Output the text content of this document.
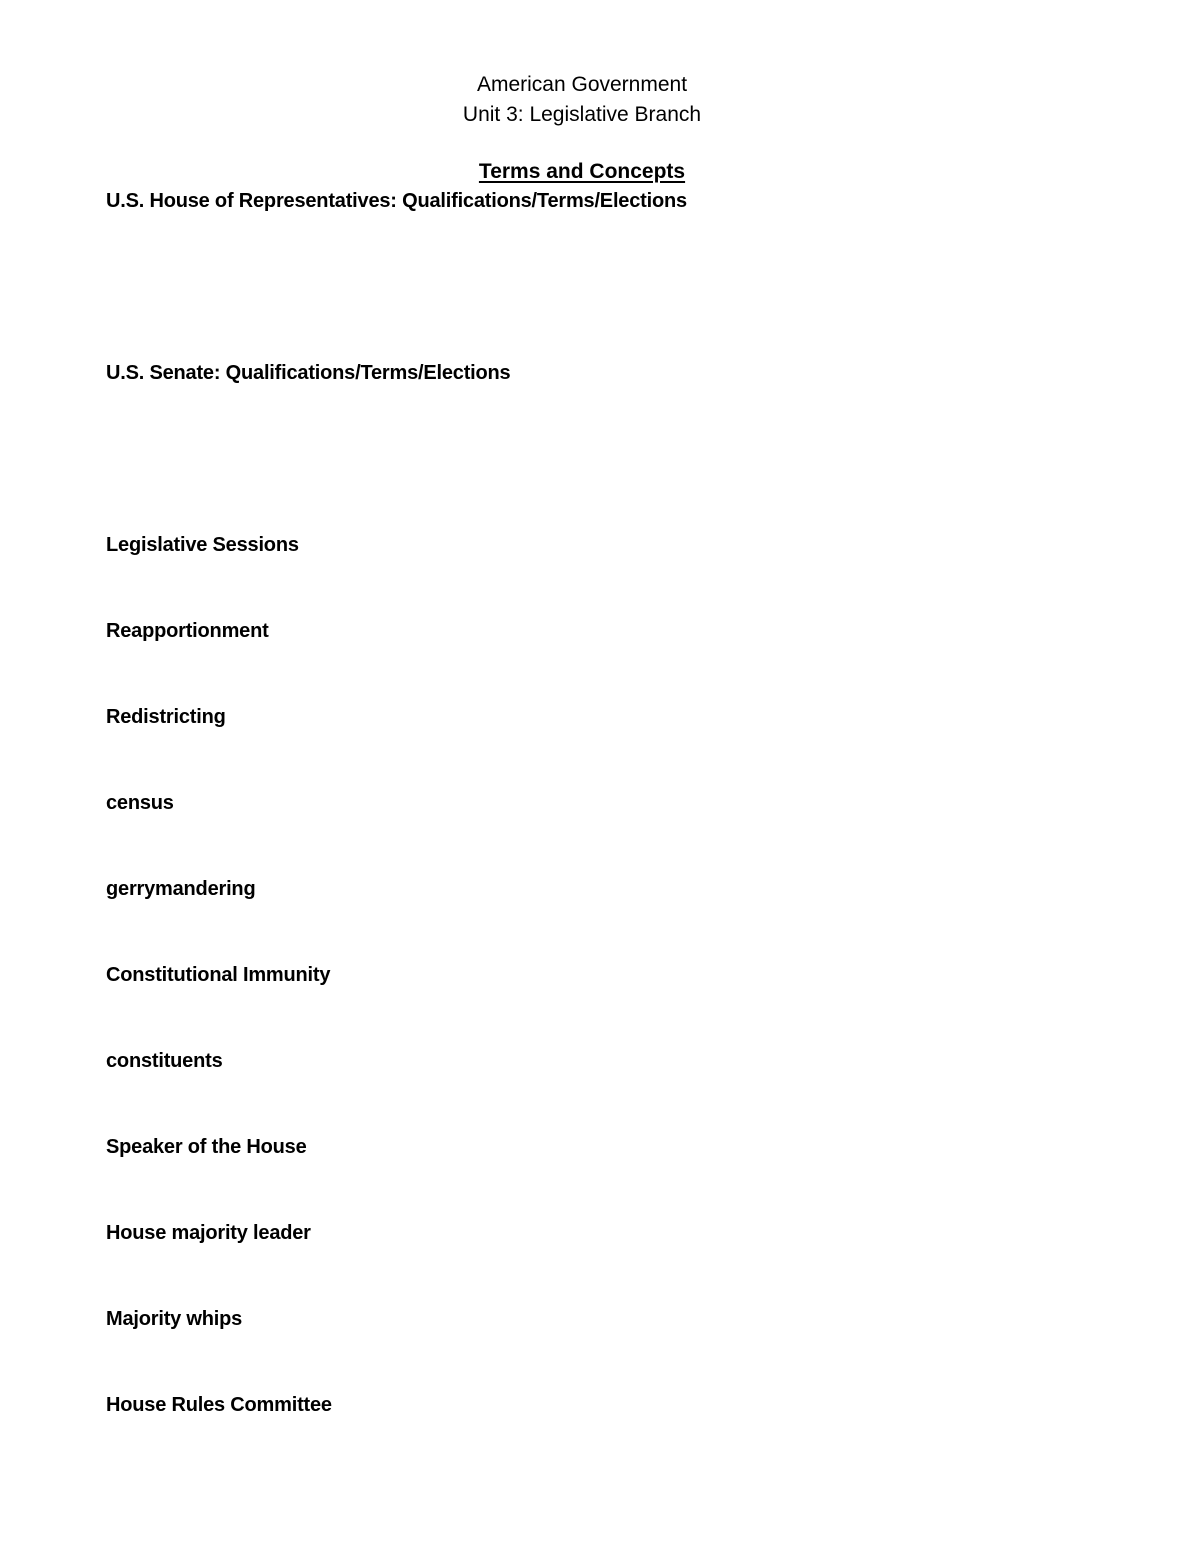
American Government
Unit 3: Legislative Branch
Terms and Concepts
U.S. House of Representatives: Qualifications/Terms/Elections
U.S. Senate: Qualifications/Terms/Elections
Legislative Sessions
Reapportionment
Redistricting
census
gerrymandering
Constitutional Immunity
constituents
Speaker of the House
House majority leader
Majority whips
House Rules Committee
